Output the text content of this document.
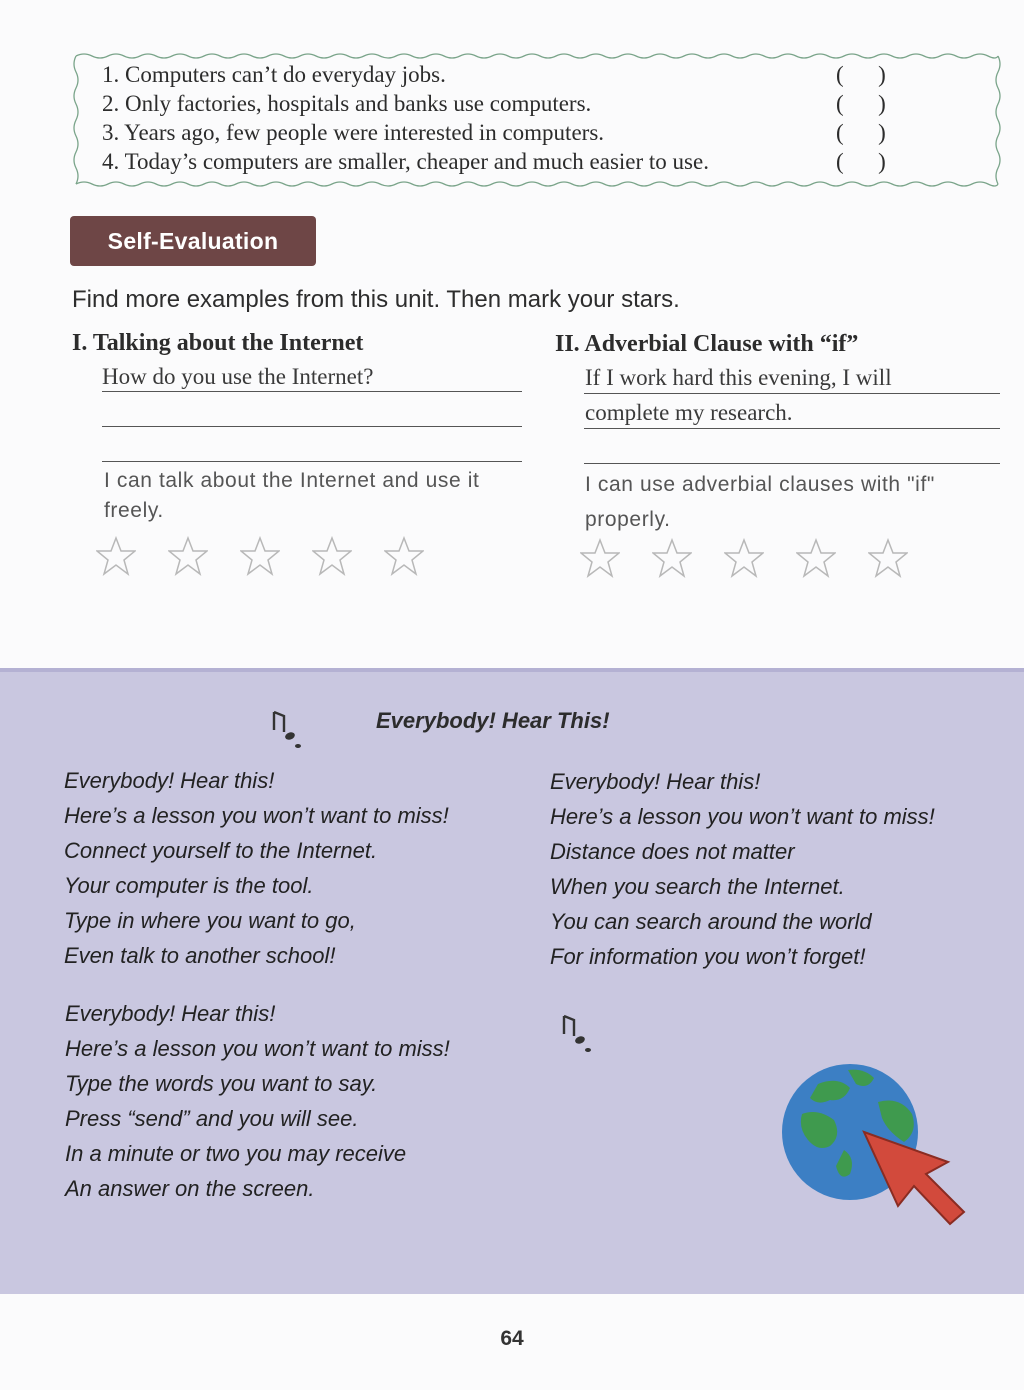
1. Computers can’t do everyday jobs.	(      )
2. Only factories, hospitals and banks use computers.	(      )
3. Years ago, few people were interested in computers.	(      )
4. Today’s computers are smaller, cheaper and much easier to use.	(      )
Self-Evaluation
Find more examples from this unit. Then mark your stars.
I. Talking about the Internet
How do you use the Internet?
I can talk about the Internet and use it freely.
II. Adverbial Clause with “if”
If I work hard this evening, I will
complete my research.
I can use adverbial clauses with "if" properly.
Everybody! Hear This!
Everybody! Hear this!
Here’s a lesson you won’t want to miss!
Connect yourself to the Internet.
Your computer is the tool.
Type in where you want to go,
Even talk to another school!
Everybody! Hear this!
Here’s a lesson you won’t want to miss!
Distance does not matter
When you search the Internet.
You can search around the world
For information you won’t forget!
Everybody! Hear this!
Here’s a lesson you won’t want to miss!
Type the words you want to say.
Press “send” and you will see.
In a minute or two you may receive
An answer on the screen.
64
